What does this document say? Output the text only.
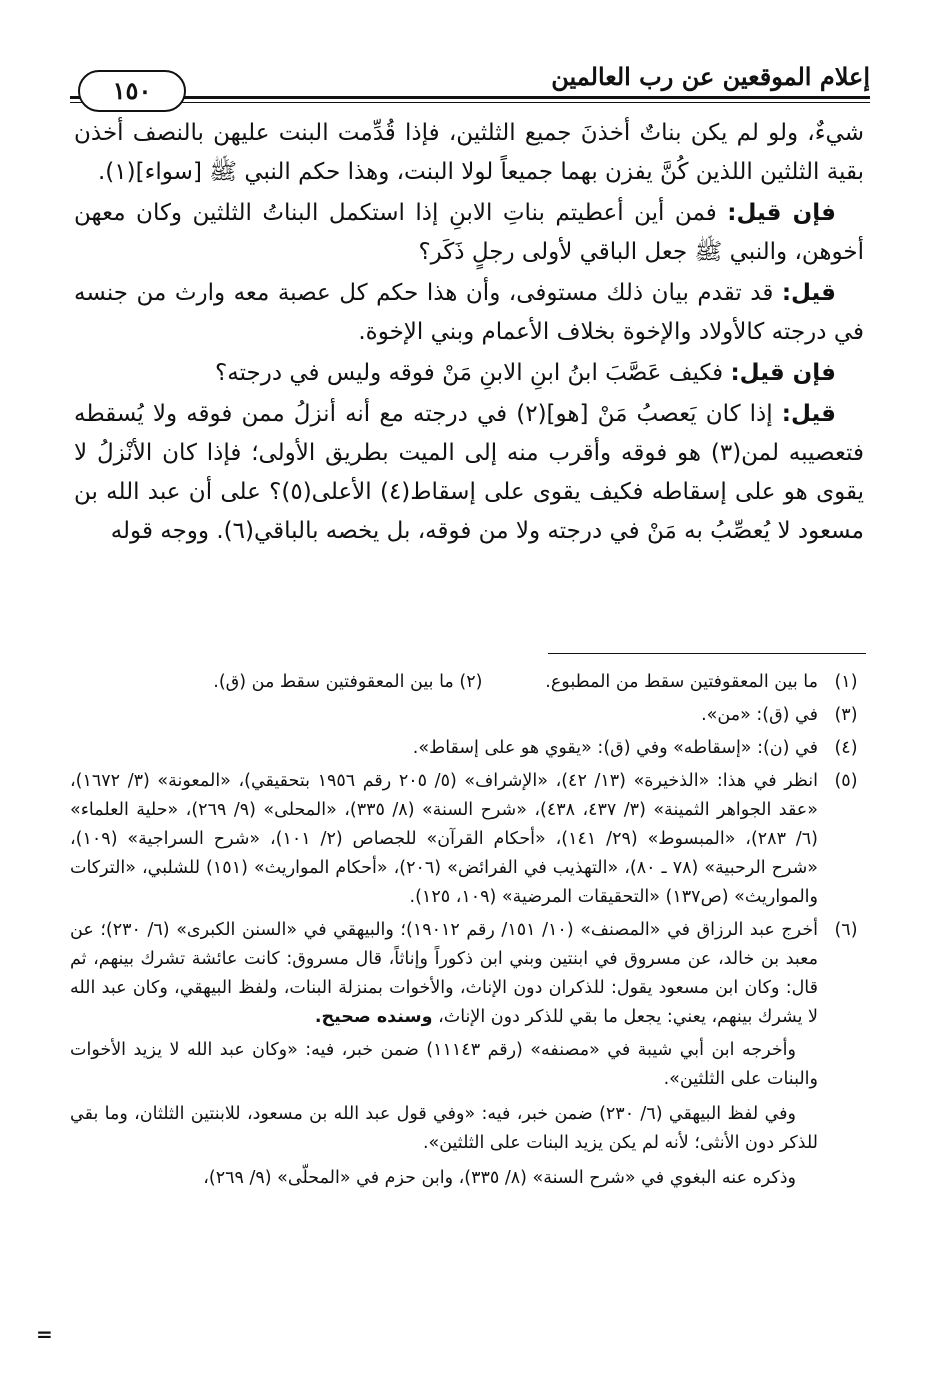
إعلام الموقعين عن رب العالمين
١٥٠

شيءٌ، ولو لم يكن بناتٌ أخذنَ جميع الثلثين، فإذا قُدِّمت البنت عليهن بالنصف أخذن بقية الثلثين اللذين كُنَّ يفزن بهما جميعاً لولا البنت، وهذا حكم النبي ﷺ [سواء](١).

فإن قيل: فمن أين أعطيتم بناتِ الابنِ إذا استكمل البناتُ الثلثين وكان معهن أخوهن، والنبي ﷺ جعل الباقي لأولى رجلٍ ذَكَر؟

قيل: قد تقدم بيان ذلك مستوفى، وأن هذا حكم كل عصبة معه وارث من جنسه في درجته كالأولاد والإخوة بخلاف الأعمام وبني الإخوة.

فإن قيل: فكيف عَصَّبَ ابنُ ابنِ الابنِ مَنْ فوقه وليس في درجته؟

قيل: إذا كان يَعصبُ مَنْ [هو](٢) في درجته مع أنه أنزلُ ممن فوقه ولا يُسقطه فتعصيبه لمن(٣) هو فوقه وأقرب منه إلى الميت بطريق الأولى؛ فإذا كان الأنْزلُ لا يقوى هو على إسقاطه فكيف يقوى على إسقاط(٤) الأعلى(٥)؟ على أن عبد الله بن مسعود لا يُعصِّبُ به مَنْ في درجته ولا من فوقه، بل يخصه بالباقي(٦). ووجه قوله

(١)
ما بين المعقوفتين سقط من المطبوع. (٢) ما بين المعقوفتين سقط من (ق).
(٣)
في (ق): «من».
(٤)
في (ن): «إسقاطه» وفي (ق): «يقوي هو على إسقاط».
(٥)
انظر في هذا: «الذخيرة» (١٣/ ٤٢)، «الإشراف» (٥/ ٢٠٥ رقم ١٩٥٦ بتحقيقي)، «المعونة» (٣/ ١٦٧٢)، «عقد الجواهر الثمينة» (٣/ ٤٣٧، ٤٣٨)، «شرح السنة» (٨/ ٣٣٥)، «المحلى» (٩/ ٢٦٩)، «حلية العلماء» (٦/ ٢٨٣)، «المبسوط» (٢٩/ ١٤١)، «أحكام القرآن» للجصاص (٢/ ١٠١)، «شرح السراجية» (١٠٩)، «شرح الرحبية» (٧٨ ـ ٨٠)، «التهذيب في الفرائض» (٢٠٦)، «أحكام المواريث» (١٥١) للشلبي، «التركات والمواريث» (ص١٣٧) «التحقيقات المرضية» (١٠٩، ١٢٥).
(٦)
أخرج عبد الرزاق في «المصنف» (١٠/ ١٥١/ رقم ١٩٠١٢)؛ والبيهقي في «السنن الكبرى» (٦/ ٢٣٠)؛ عن معبد بن خالد، عن مسروق في ابنتين وبني ابن ذكوراً وإناثاً، قال مسروق: كانت عائشة تشرك بينهم، ثم قال: وكان ابن مسعود يقول: للذكران دون الإناث، والأخوات بمنزلة البنات، ولفظ البيهقي، وكان عبد الله لا يشرك بينهم، يعني: يجعل ما بقي للذكر دون الإناث، وسنده صحيح.
وأخرجه ابن أبي شيبة في «مصنفه» (رقم ١١١٤٣) ضمن خبر، فيه: «وكان عبد الله لا يزيد الأخوات والبنات على الثلثين».
وفي لفظ البيهقي (٦/ ٢٣٠) ضمن خبر، فيه: «وفي قول عبد الله بن مسعود، للابنتين الثلثان، وما بقي للذكر دون الأنثى؛ لأنه لم يكن يزيد البنات على الثلثين».
وذكره عنه البغوي في «شرح السنة» (٨/ ٣٣٥)، وابن حزم في «المحلّى» (٩/ ٢٦٩)،
=
